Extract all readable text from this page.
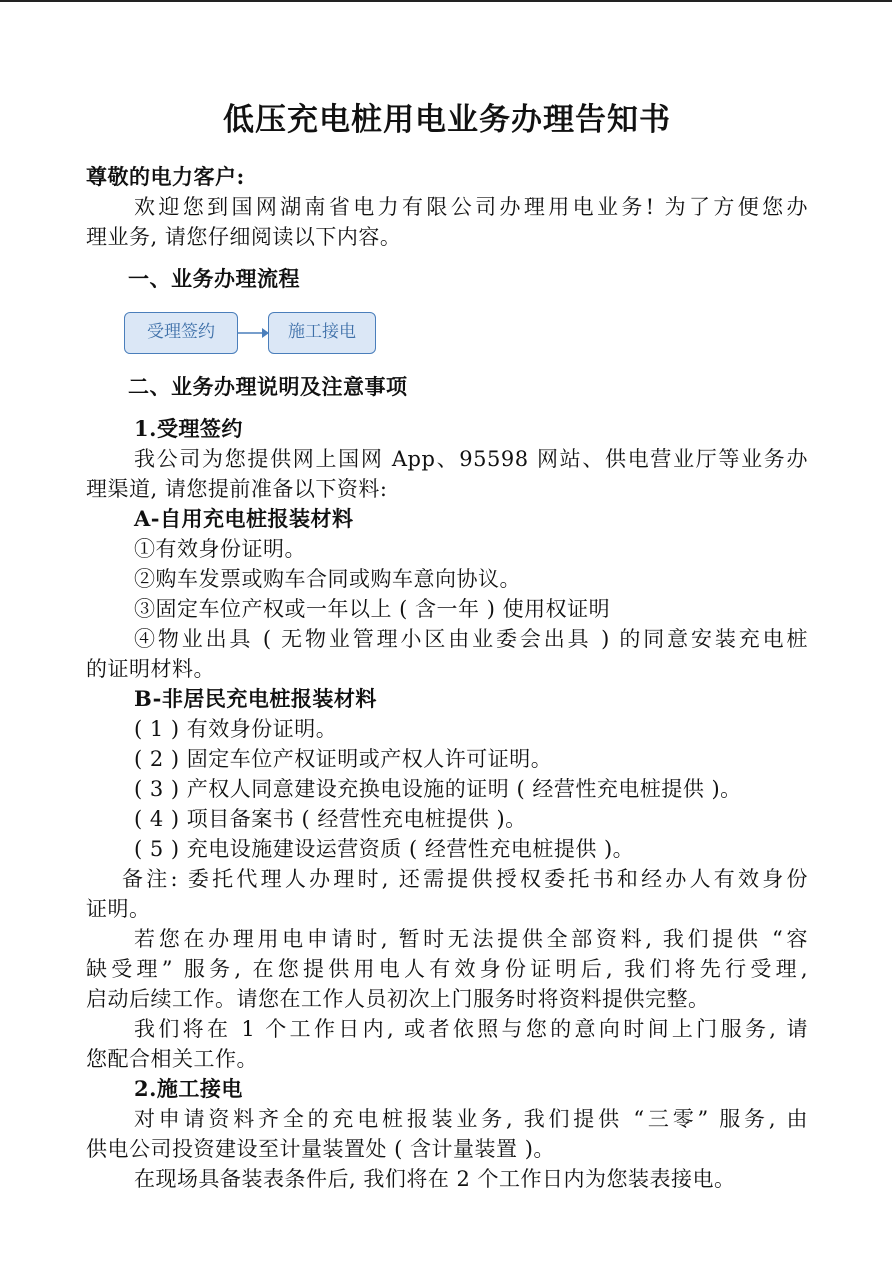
低压充电桩用电业务办理告知书
尊敬的电力客户:
欢迎您到国网湖南省电力有限公司办理用电业务! 为了方便您办
理业务, 请您仔细阅读以下内容。
一、业务办理流程
受理签约	施工接电
二、业务办理说明及注意事项
1.受理签约
我公司为您提供网上国网 App、95598 网站、供电营业厅等业务办
理渠道, 请您提前准备以下资料:
A-自用充电桩报装材料
①有效身份证明。
②购车发票或购车合同或购车意向协议。
③固定车位产权或一年以上 ( 含一年 ) 使用权证明
④物业出具 ( 无物业管理小区由业委会出具 ) 的同意安装充电桩
的证明材料。
B-非居民充电桩报装材料
( 1 ) 有效身份证明。
( 2 ) 固定车位产权证明或产权人许可证明。
( 3 ) 产权人同意建设充换电设施的证明 ( 经营性充电桩提供 )。
( 4 ) 项目备案书 ( 经营性充电桩提供 )。
( 5 ) 充电设施建设运营资质 ( 经营性充电桩提供 )。
备注: 委托代理人办理时, 还需提供授权委托书和经办人有效身份
证明。
若您在办理用电申请时, 暂时无法提供全部资料, 我们提供 “容
缺受理” 服务, 在您提供用电人有效身份证明后, 我们将先行受理,
启动后续工作。请您在工作人员初次上门服务时将资料提供完整。
我们将在 1 个工作日内, 或者依照与您的意向时间上门服务, 请
您配合相关工作。
2.施工接电
对申请资料齐全的充电桩报装业务, 我们提供 “三零” 服务, 由
供电公司投资建设至计量装置处 ( 含计量装置 )。
在现场具备装表条件后, 我们将在 2 个工作日内为您装表接电。
